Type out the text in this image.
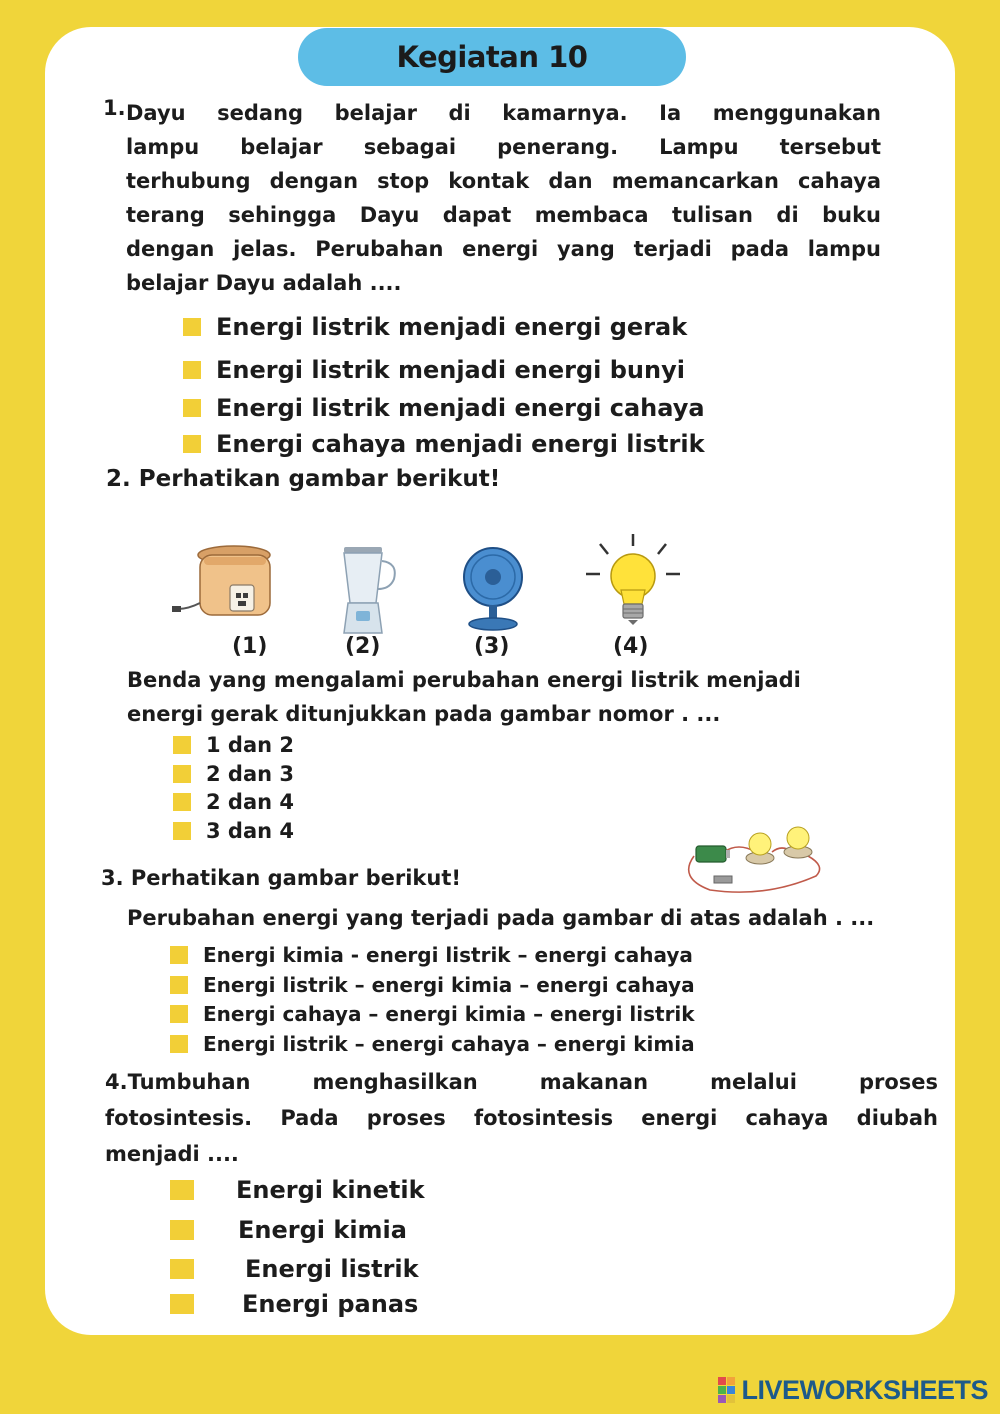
Kegiatan 10
1. Dayu sedang belajar di kamarnya. Ia menggunakan
lampu belajar sebagai penerang. Lampu tersebut
terhubung dengan stop kontak dan memancarkan cahaya
terang sehingga Dayu dapat membaca tulisan di buku
dengan jelas. Perubahan energi yang terjadi pada lampu
belajar Dayu adalah ....
Energi listrik menjadi energi gerak
Energi listrik menjadi energi bunyi
Energi listrik menjadi energi cahaya
Energi cahaya menjadi energi listrik
2. Perhatikan gambar berikut!
(1)	(2)	(3)	(4)
Benda yang mengalami perubahan energi listrik menjadi
energi gerak ditunjukkan pada gambar nomor . ...
1 dan 2
2 dan 3
2 dan 4
3 dan 4
3. Perhatikan gambar berikut!
Perubahan energi yang terjadi pada gambar di atas adalah . ...
Energi kimia - energi listrik – energi cahaya
Energi listrik – energi kimia – energi cahaya
Energi cahaya – energi kimia – energi listrik
Energi listrik – energi cahaya – energi kimia
4.Tumbuhan menghasilkan makanan melalui proses
fotosintesis. Pada proses fotosintesis energi cahaya diubah
menjadi ....
Energi kinetik
Energi kimia
Energi listrik
Energi panas
LIVEWORKSHEETS
